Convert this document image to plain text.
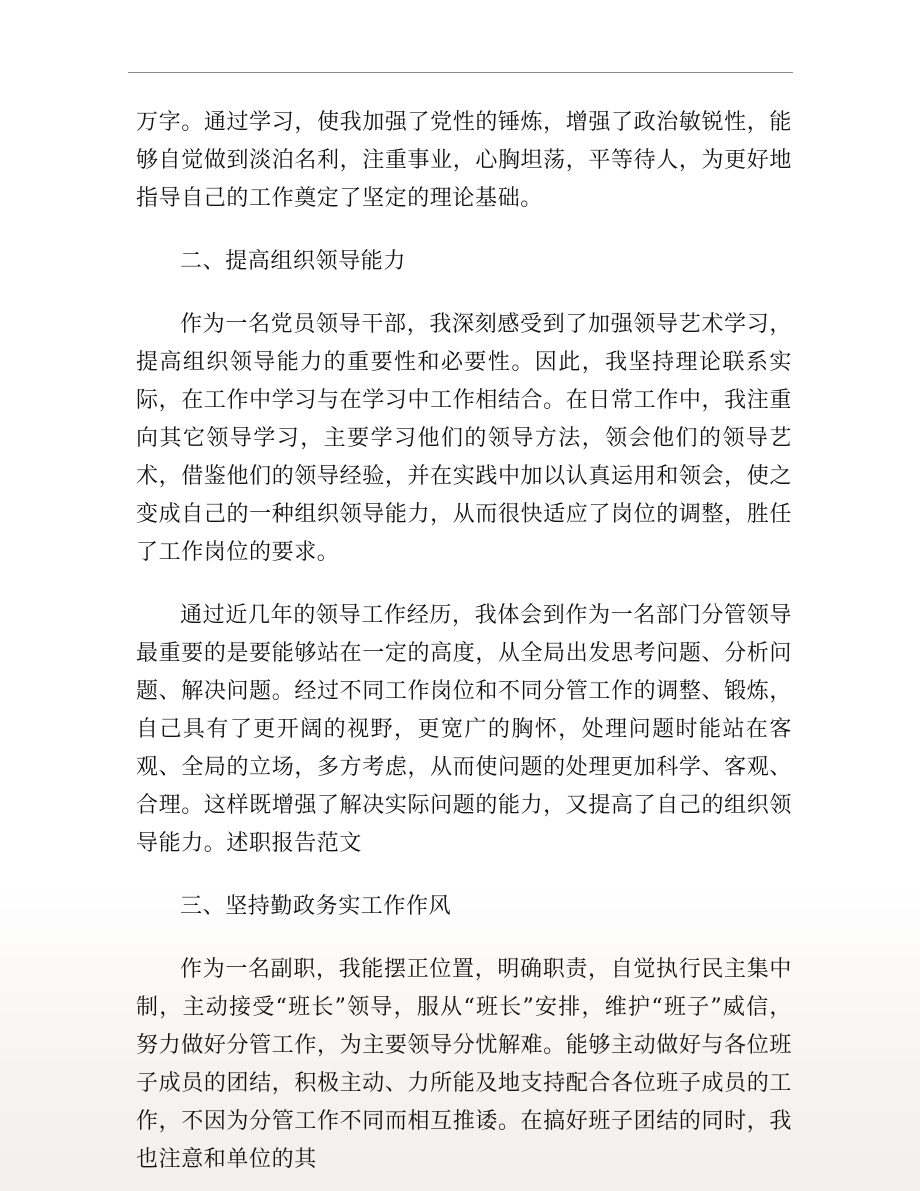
万字。通过学习，使我加强了党性的锤炼，增强了政治敏锐性，能够自觉做到淡泊名利，注重事业，心胸坦荡，平等待人，为更好地指导自己的工作奠定了坚定的理论基础。

二、提高组织领导能力

作为一名党员领导干部，我深刻感受到了加强领导艺术学习，提高组织领导能力的重要性和必要性。因此，我坚持理论联系实际，在工作中学习与在学习中工作相结合。在日常工作中，我注重向其它领导学习，主要学习他们的领导方法，领会他们的领导艺术，借鉴他们的领导经验，并在实践中加以认真运用和领会，使之变成自己的一种组织领导能力，从而很快适应了岗位的调整，胜任了工作岗位的要求。

通过近几年的领导工作经历，我体会到作为一名部门分管领导最重要的是要能够站在一定的高度，从全局出发思考问题、分析问题、解决问题。经过不同工作岗位和不同分管工作的调整、锻炼，自己具有了更开阔的视野，更宽广的胸怀，处理问题时能站在客观、全局的立场，多方考虑，从而使问题的处理更加科学、客观、合理。这样既增强了解决实际问题的能力，又提高了自己的组织领导能力。述职报告范文

三、坚持勤政务实工作作风

作为一名副职，我能摆正位置，明确职责，自觉执行民主集中制，主动接受“班长”领导，服从“班长”安排，维护“班子”威信，努力做好分管工作，为主要领导分忧解难。能够主动做好与各位班子成员的团结，积极主动、力所能及地支持配合各位班子成员的工作，不因为分管工作不同而相互推诿。在搞好班子团结的同时，我也注意和单位的其
